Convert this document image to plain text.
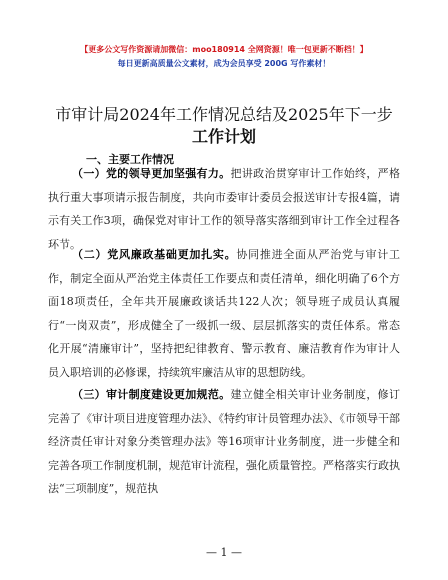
【更多公文写作资源请加微信：moo180914 全网资源！唯一包更新不断档！】
每日更新高质量公文素材，成为会员享受 200G 写作素材！
市审计局2024年工作情况总结及2025年下一步
工作计划
一、主要工作情况

（一）党的领导更加坚强有力。把讲政治贯穿审计工作始终，严格执行重大事项请示报告制度，共向市委审计委员会报送审计专报4篇，请示有关工作3项，确保党对审计工作的领导落实落细到审计工作全过程各环节。

（二）党风廉政基础更加扎实。协同推进全面从严治党与审计工作，制定全面从严治党主体责任工作要点和责任清单，细化明确了6个方面18项责任，全年共开展廉政谈话共122人次；领导班子成员认真履行“一岗双责”，形成健全了一级抓一级、层层抓落实的责任体系。常态化开展“清廉审计”，坚持把纪律教育、警示教育、廉洁教育作为审计人员入职培训的必修课，持续筑牢廉洁从审的思想防线。

（三）审计制度建设更加规范。建立健全相关审计业务制度，修订完善了《审计项目进度管理办法》、《特约审计员管理办法》、《市领导干部经济责任审计对象分类管理办法》等16项审计业务制度，进一步健全和完善各项工作制度机制，规范审计流程，强化质量管控。严格落实行政执法“三项制度”，规范执

— 1 —
